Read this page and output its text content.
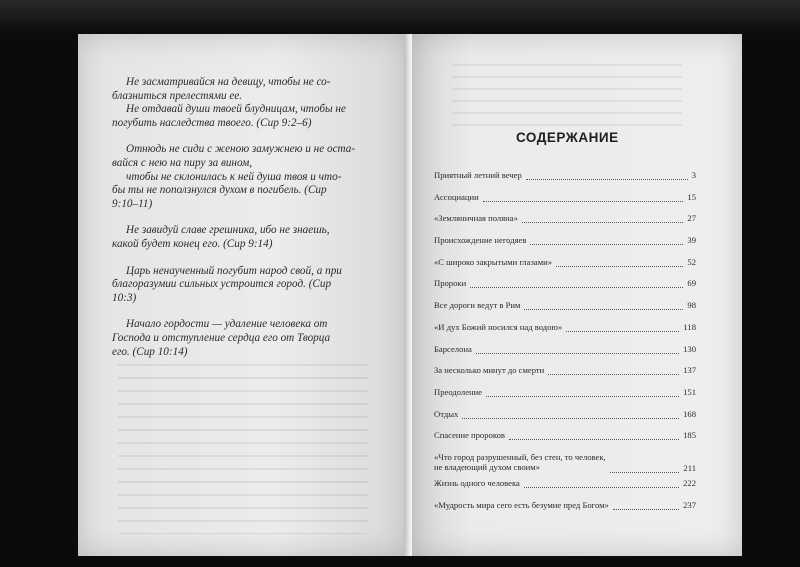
Не засматривайся на девицу, чтобы не со-
блазниться прелестями ее.
Не отдавай души твоей блудницам, чтобы не
погубить наследства твоего. (Сир 9:2–6)

Отнюдь не сиди с женою замужнею и не оста-
вайся с нею на пиру за вином,
чтобы не склонилась к ней душа твоя и что-
бы ты не поползнулся духом в погибель. (Сир
9:10–11)

Не завидуй славе грешника, ибо не знаешь,
какой будет конец его. (Сир 9:14)

Царь ненаученный погубит народ свой, а при
благоразумии сильных устроится город. (Сир
10:3)

Начало гордости — удаление человека от
Господа и отступление сердца его от Творца
его. (Сир 10:14)

СОДЕРЖАНИЕ
Приятный летний вечер	3
Ассоциации	15
«Земляничная поляна»	27
Происхождение негодяев	39
«С широко закрытыми глазами»	52
Пророки	69
Все дороги ведут в Рим	98
«И дух Божий носился над водою»	118
Барселона	130
За несколько минут до смерти	137
Преодоление	151
Отдых	168
Спасение пророков	185
«Что город разрушенный, без стен, то человек,
не владеющий духом своим»	211
Жизнь одного человека	222
«Мудрость мира сего есть безумие пред Богом»	237
